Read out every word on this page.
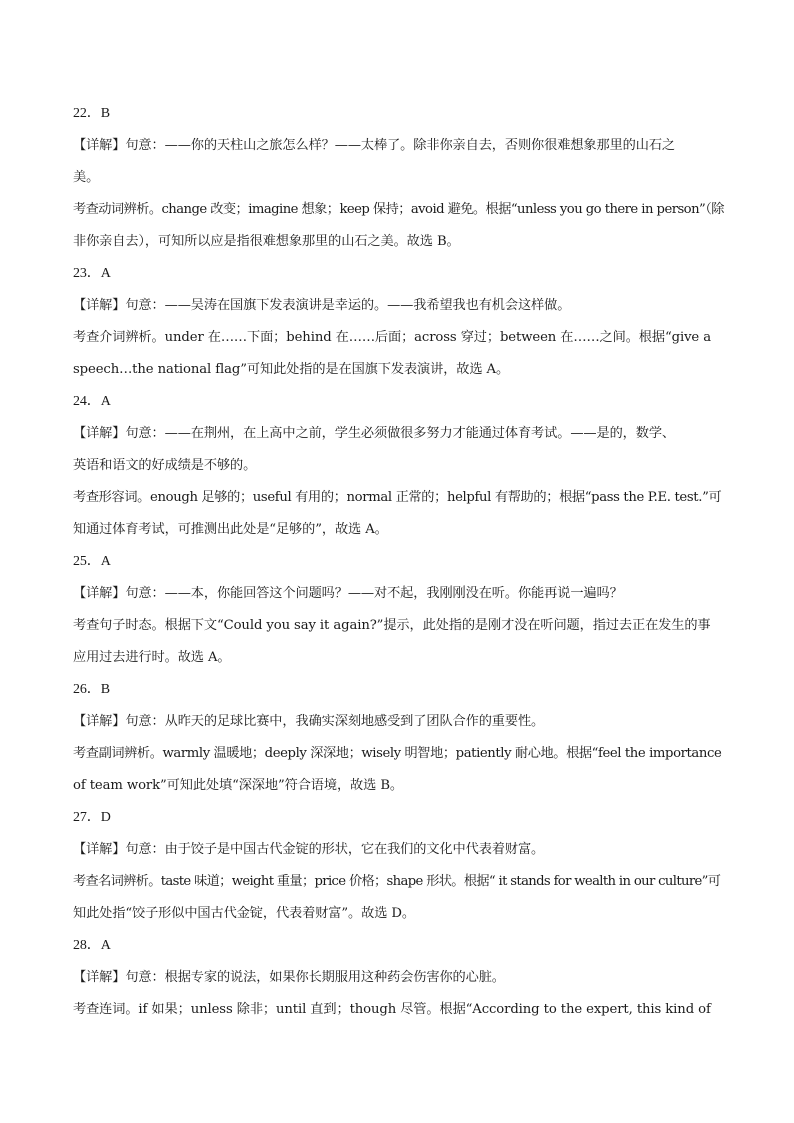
22．B
【详解】句意：——你的天柱山之旅怎么样？——太棒了。除非你亲自去，否则你很难想象那里的山石之
美。
考查动词辨析。change 改变；imagine 想象；keep 保持；avoid 避免。根据“unless you go there in person”（除
非你亲自去），可知所以应是指很难想象那里的山石之美。故选 B。
23．A
【详解】句意：——吴涛在国旗下发表演讲是幸运的。——我希望我也有机会这样做。
考查介词辨析。under 在……下面；behind 在……后面；across 穿过；between 在……之间。根据“give a
speech…the national flag”可知此处指的是在国旗下发表演讲，故选 A。
24．A
【详解】句意：——在荆州，在上高中之前，学生必须做很多努力才能通过体育考试。——是的，数学、
英语和语文的好成绩是不够的。
考查形容词。enough 足够的；useful 有用的；normal 正常的；helpful 有帮助的；根据“pass the P.E. test.”可
知通过体育考试，可推测出此处是“足够的”，故选 A。
25．A
【详解】句意：——本，你能回答这个问题吗？——对不起，我刚刚没在听。你能再说一遍吗？
考查句子时态。根据下文“Could you say it again?”提示，此处指的是刚才没在听问题，指过去正在发生的事
应用过去进行时。故选 A。
26．B
【详解】句意：从昨天的足球比赛中，我确实深刻地感受到了团队合作的重要性。
考查副词辨析。warmly 温暖地；deeply 深深地；wisely 明智地；patiently 耐心地。根据“feel the importance
of team work”可知此处填“深深地”符合语境，故选 B。
27．D
【详解】句意：由于饺子是中国古代金锭的形状，它在我们的文化中代表着财富。
考查名词辨析。taste 味道；weight 重量；price 价格；shape 形状。根据“ it stands for wealth in our culture”可
知此处指“饺子形似中国古代金锭，代表着财富”。故选 D。
28．A
【详解】句意：根据专家的说法，如果你长期服用这种药会伤害你的心脏。
考查连词。if 如果；unless 除非；until 直到；though 尽管。根据“According to the expert, this kind of
